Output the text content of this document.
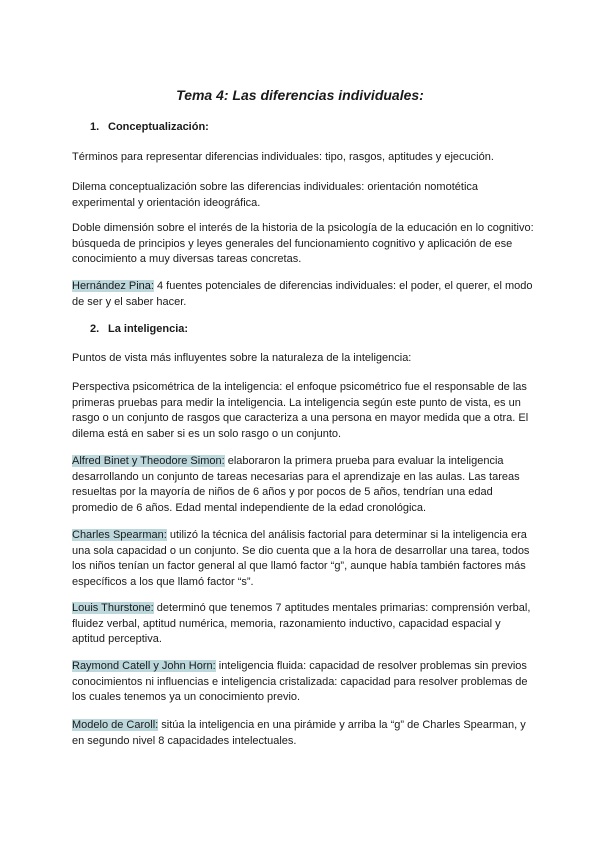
Tema 4: Las diferencias individuales:
1. Conceptualización:

Términos para representar diferencias individuales: tipo, rasgos, aptitudes y ejecución.

Dilema conceptualización sobre las diferencias individuales: orientación nomotética experimental y orientación ideográfica.

Doble dimensión sobre el interés de la historia de la psicología de la educación en lo cognitivo: búsqueda de principios y leyes generales del funcionamiento cognitivo y aplicación de ese conocimiento a muy diversas tareas concretas.

Hernández Pina: 4 fuentes potenciales de diferencias individuales: el poder, el querer, el modo de ser y el saber hacer.

2. La inteligencia:

Puntos de vista más influyentes sobre la naturaleza de la inteligencia:

Perspectiva psicométrica de la inteligencia: el enfoque psicométrico fue el responsable de las primeras pruebas para medir la inteligencia. La inteligencia según este punto de vista, es un rasgo o un conjunto de rasgos que caracteriza a una persona en mayor medida que a otra. El dilema está en saber si es un solo rasgo o un conjunto.

Alfred Binet y Theodore Simon: elaboraron la primera prueba para evaluar la inteligencia desarrollando un conjunto de tareas necesarias para el aprendizaje en las aulas. Las tareas resueltas por la mayoría de niños de 6 años y por pocos de 5 años, tendrían una edad promedio de 6 años. Edad mental independiente de la edad cronológica.

Charles Spearman: utilizó la técnica del análisis factorial para determinar si la inteligencia era una sola capacidad o un conjunto. Se dio cuenta que a la hora de desarrollar una tarea, todos los niños tenían un factor general al que llamó factor “g”, aunque había también factores más específicos a los que llamó factor “s”.

Louis Thurstone: determinó que tenemos 7 aptitudes mentales primarias: comprensión verbal, fluidez verbal, aptitud numérica, memoria, razonamiento inductivo, capacidad espacial y aptitud perceptiva.

Raymond Catell y John Horn: inteligencia fluida: capacidad de resolver problemas sin previos conocimientos ni influencias e inteligencia cristalizada: capacidad para resolver problemas de los cuales tenemos ya un conocimiento previo.

Modelo de Caroll: sitúa la inteligencia en una pirámide y arriba la “g” de Charles Spearman, y en segundo nivel 8 capacidades intelectuales.
